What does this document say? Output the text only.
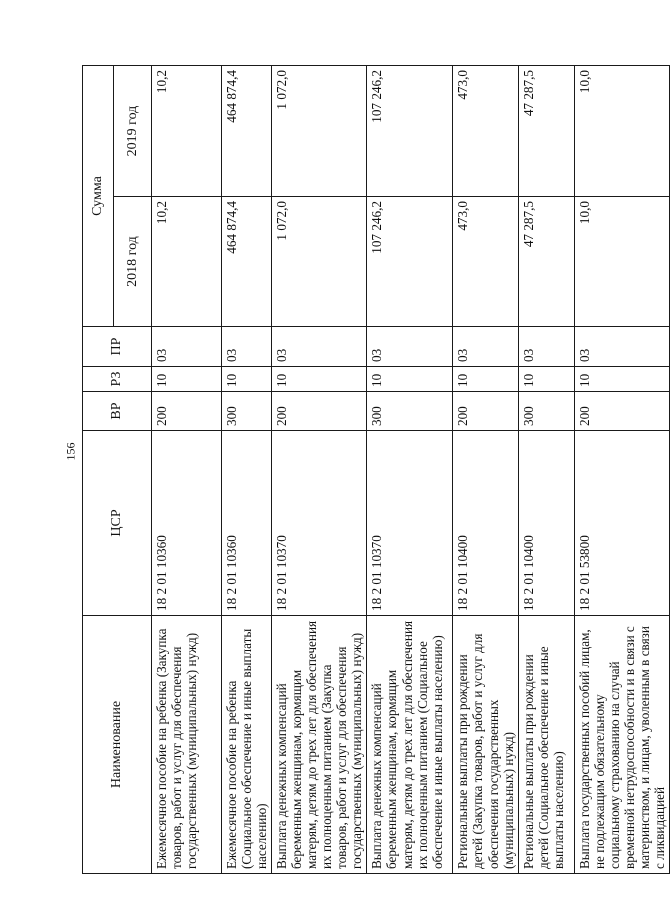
156
Наименование	ЦСР	ВР	РЗ	ПР	Сумма	
					2018 год	2019 год
Ежемесячное пособие на ребенка (Закупка товаров, работ и услуг для обеспечения государственных (муниципальных) нужд)	18 2 01 10360	200	10	03	10,2	10,2
Ежемесячное пособие на ребенка (Социальное обеспечение и иные выплаты населению)	18 2 01 10360	300	10	03	464 874,4	464 874,4
Выплата денежных компенсаций беременным женщинам, кормящим матерям, детям до трех лет для обеспечения их полноценным питанием (Закупка товаров, работ и услуг для обеспечения государственных (муниципальных) нужд)	18 2 01 10370	200	10	03	1 072,0	1 072,0
Выплата денежных компенсаций беременным женщинам, кормящим матерям, детям до трех лет для обеспечения их полноценным питанием (Социальное обеспечение и иные выплаты населению)	18 2 01 10370	300	10	03	107 246,2	107 246,2
Региональные выплаты при рождении детей (Закупка товаров, работ и услуг для обеспечения государственных (муниципальных) нужд)	18 2 01 10400	200	10	03	473,0	473,0
Региональные выплаты при рождении детей (Социальное обеспечение и иные выплаты населению)	18 2 01 10400	300	10	03	47 287,5	47 287,5
Выплата государственных пособий лицам, не подлежащим обязательному социальному страхованию на случай временной нетрудоспособности и в связи с материнством, и лицам, уволенным в связи с ликвидацией	18 2 01 53800	200	10	03	10,0	10,0
